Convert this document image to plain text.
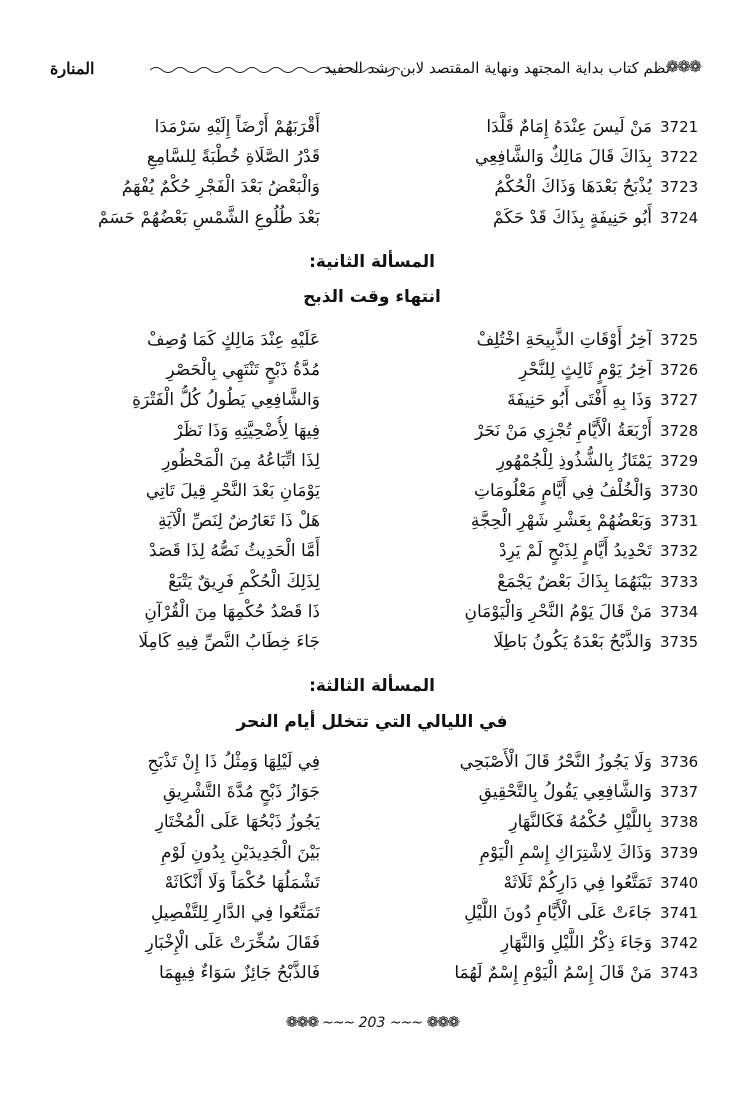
المنارة	نظم كتاب بداية المجتهد ونهاية المقتصد لابن رشد الحفيد
❁❁❁
3721
مَنْ لَيسَ عِنْدَهُ إِمَامٌ قَلَّدَا
أَقْرَبَهُمْ أَرْضَاً إِلَيْهِ سَرْمَدَا
3722
بِذَاكَ قَالَ مَالِكٌ وَالشَّافِعِي
قَدْرُ الصَّلَاةِ خُطْبَةً لِلسَّامِعِ
3723
يُذْبَحُ بَعْدَهَا وَذَاكَ الْحُكْمُ
وَالْبَعْضُ بَعْدَ الْفَجْرِ حُكْمٌ يُفْهَمُ
3724
أَبُو حَنِيفَةٍ بِذَاكَ قَدْ حَكَمْ
بَعْدَ طُلُوعِ الشَّمْسِ بَعْضُهُمْ حَسَمْ
المسألة الثانية:
انتهاء وقت الذبح
3725
آخِرُ أَوْقَاتِ الذَّبِيحَةِ اخْتُلِفْ
عَلَيْهِ عِنْدَ مَالِكٍ كَمَا وُصِفْ
3726
آخِرُ يَوْمٍ ثَالِثٍ لِلنَّحْرِ
مُدَّةُ ذَبْحٍ تَنْتَهِي بِالْحَصْرِ
3727
وَذَا بِهِ أَفْتَى أَبُو حَنِيفَةَ
وَالشَّافِعِي يَطُولُ كُلُّ الْفَتْرَةِ
3728
أَرْبَعَةُ الْأَيَّامِ تُجْزِي مَنْ نَحَرْ
فِيهَا لِأُضْحِيَّتِهِ وَذَا نَظَرْ
3729
يَمْتَازُ بِالشُّذُوذِ لِلْجُمْهُورِ
لِذَا اتِّبَاعُهُ مِنَ الْمَحْظُورِ
3730
وَالْخُلْفُ فِي أَيَّامٍ مَعْلُومَاتِ
يَوْمَانِ بَعْدَ النَّحْرِ قِيلَ تَاتِي
3731
وَبَعْضُهُمْ بِعَشْرِ شَهْرِ الْحِجَّةِ
هَلْ ذَا تَعَارُضٌ لِنَصِّ الْآيَةِ
3732
تَحْدِيدُ أَيَّامٍ لِذَبْحٍ لَمْ يَرِدْ
أَمَّا الْحَدِيثُ نَصُّهُ لِذَا قَصَدْ
3733
بَيْنَهُمَا بِذَاكَ بَعْضٌ يَجْمَعْ
لِذَلِكَ الْحُكْمِ فَرِيقٌ يَتْبَعْ
3734
مَنْ قَالَ يَوْمُ النَّحْرِ وَالْيَوْمَانِ
ذَا قَصْدُ حُكْمِهَا مِنَ الْقُرْآنِ
3735
وَالذَّبْحُ بَعْدَهُ يَكُونُ بَاطِلَا
جَاءَ خِطَابُ النَّصِّ فِيهِ كَامِلَا
المسألة الثالثة:
في الليالي التي تتخلل أيام النحر
3736
وَلَا يَجُوزُ النَّحْرُ قَالَ الْأَصْبَحِي
فِي لَيْلِهَا وَمِثْلُ ذَا إِنْ تَذْبَحِ
3737
وَالشَّافِعِي يَقُولُ بِالتَّحْقِيقِ
جَوَازُ ذَبْحٍ مُدَّةَ التَّشْرِيقِ
3738
بِاللَّيْلِ حُكْمُهُ فَكَالنَّهَارِ
يَجُوزُ ذَبْحُهَا عَلَى الْمُخْتَارِ
3739
وَذَاكَ لِاشْتِرَاكِ إِسْمِ الْيَوْمِ
بَيْنَ الْجَدِيدَيْنِ بِدُونِ لَوْمِ
3740
تَمَتَّعُوا فِي دَارِكُمْ ثَلَاثَهْ
تَشْمَلُهَا حُكْمَاً وَلَا أَنْكَاثَهْ
3741
جَاءَتْ عَلَى الْأَيَّامِ دُونَ اللَّيْلِ
تَمَتَّعُوا فِي الدَّارِ لِلتَّفْصِيلِ
3742
وَجَاءَ ذِكْرُ اللَّيْلِ وَالنَّهَارِ
فَقَالَ سُخِّرَتْ عَلَى الْإِخْبَارِ
3743
مَنْ قَالَ إِسْمُ الْيَوْمِ إِسْمٌ لَهُمَا
فَالذَّبْحُ جَائِزٌ سَوَاءٌ فِيهِمَا
❁❁❁ ~~~ 203 ~~~ ❁❁❁
